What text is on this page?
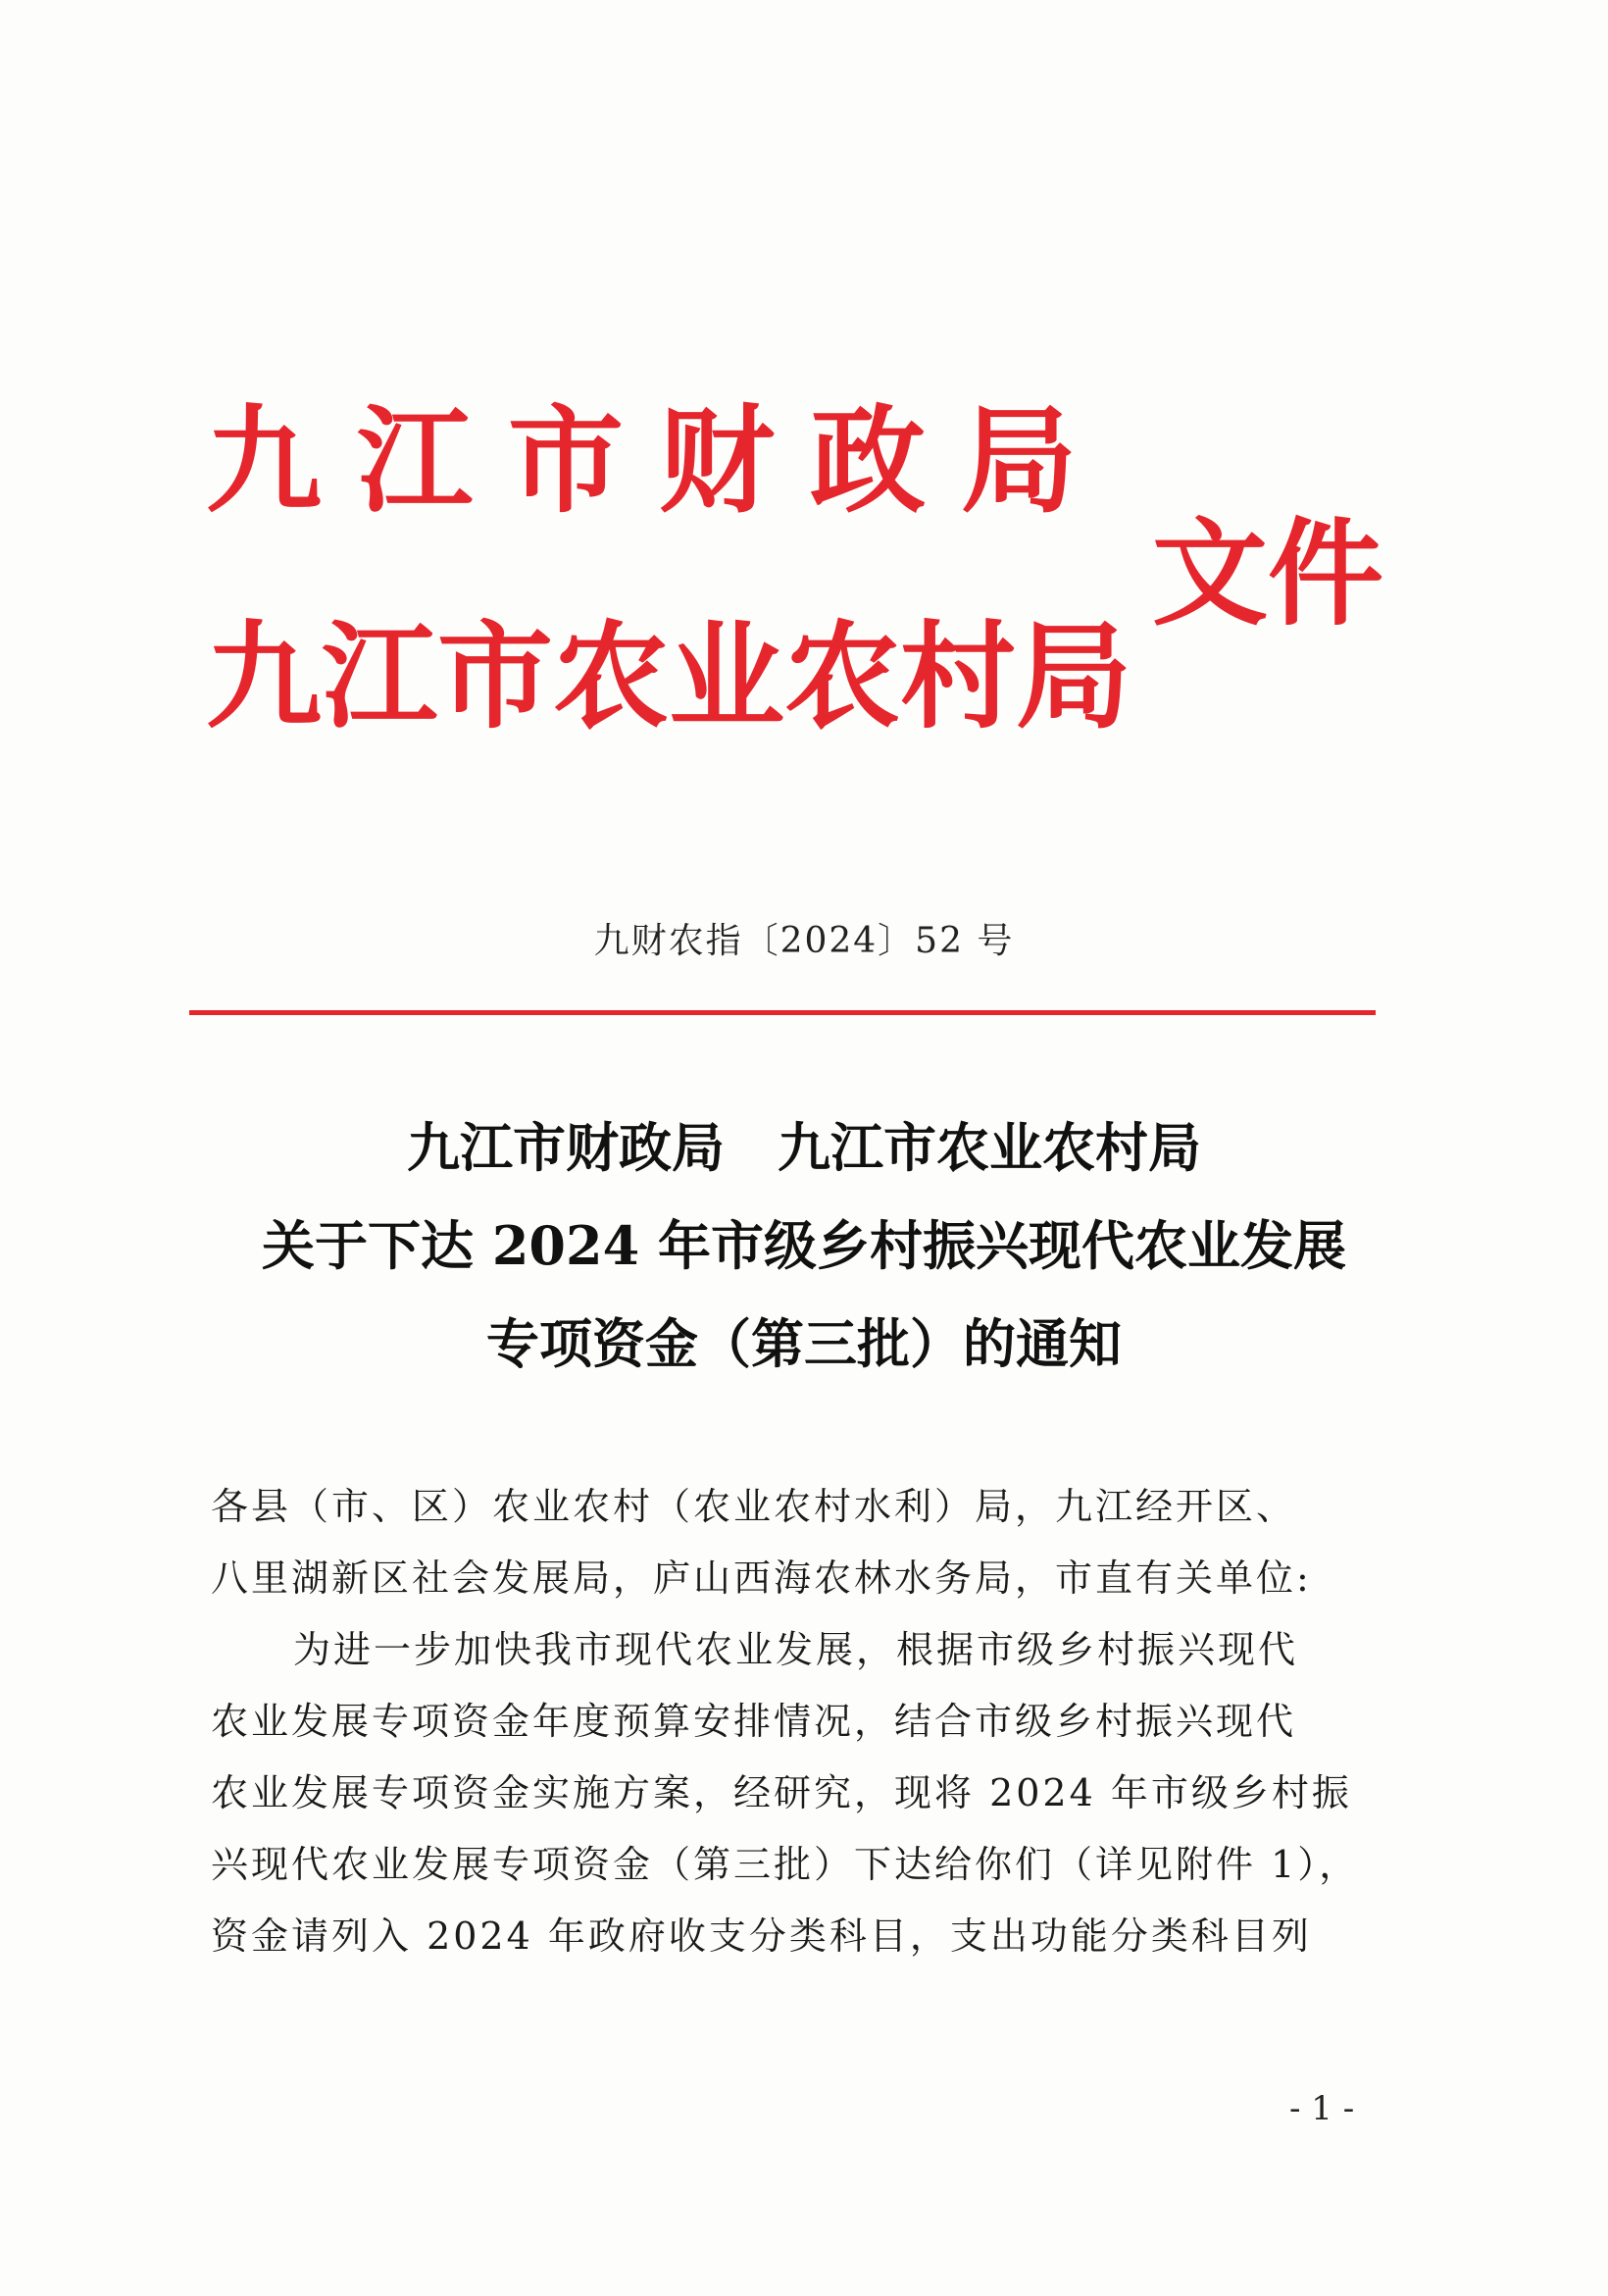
九江市财政局
九江市农业农村局
文件
九财农指〔2024〕52 号
九江市财政局　九江市农业农村局
关于下达 2024 年市级乡村振兴现代农业发展
专项资金（第三批）的通知
各县（市、区）农业农村（农业农村水利）局，九江经开区、
八里湖新区社会发展局，庐山西海农林水务局，市直有关单位:
为进一步加快我市现代农业发展，根据市级乡村振兴现代
农业发展专项资金年度预算安排情况，结合市级乡村振兴现代
农业发展专项资金实施方案，经研究，现将 2024 年市级乡村振
兴现代农业发展专项资金（第三批）下达给你们（详见附件 1），
资金请列入 2024 年政府收支分类科目，支出功能分类科目列
- 1 -
